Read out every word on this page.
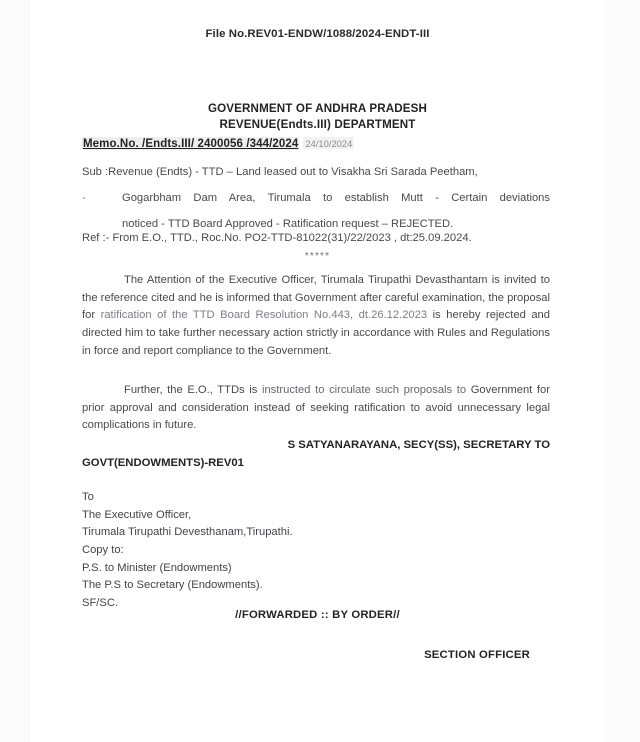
File No.REV01-ENDW/1088/2024-ENDT-III
GOVERNMENT OF ANDHRA PRADESH
REVENUE(Endts.III) DEPARTMENT
Memo.No. /Endts.III/ 2400056 /344/2024 24/10/2024
Sub :Revenue (Endts) - TTD – Land leased out to Visakha Sri Sarada Peetham,
-	Gogarbham Dam Area, Tirumala to establish Mutt - Certain deviations
noticed - TTD Board Approved - Ratification request – REJECTED.
Ref :- From E.O., TTD., Roc.No. PO2-TTD-81022(31)/22/2023 , dt:25.09.2024.
*****
The Attention of the Executive Officer, Tirumala Tirupathi Devasthantam is invited to the reference cited and he is informed that Government after careful examination, the proposal for ratification of the TTD Board Resolution No.443, dt.26.12.2023 is hereby rejected and directed him to take further necessary action strictly in accordance with Rules and Regulations in force and report compliance to the Government.
Further, the E.O., TTDs is instructed to circulate such proposals to Government for prior approval and consideration instead of seeking ratification to avoid unnecessary legal complications in future.
S SATYANARAYANA, SECY(SS), SECRETARY TO
GOVT(ENDOWMENTS)-REV01
To
The Executive Officer,
Tirumala Tirupathi Devesthanam,Tirupathi.
Copy to:
P.S. to Minister (Endowments)
The P.S to Secretary (Endowments).
SF/SC.
//FORWARDED :: BY ORDER//
SECTION OFFICER
